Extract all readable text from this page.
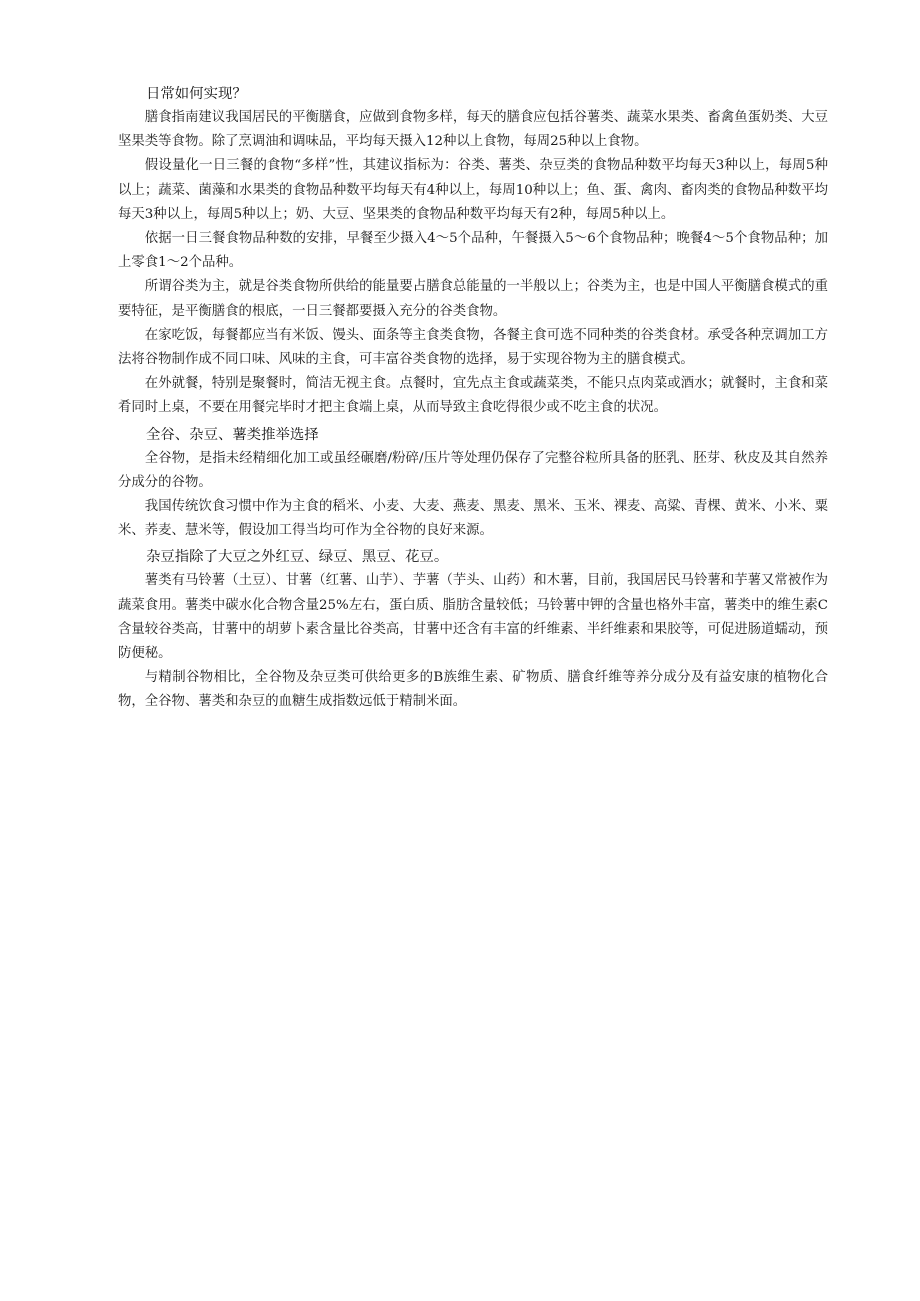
日常如何实现？

膳食指南建议我国居民的平衡膳食，应做到食物多样，每天的膳食应包括谷薯类、蔬菜水果类、畜禽鱼蛋奶类、大豆坚果类等食物。除了烹调油和调味品，平均每天摄入12种以上食物，每周25种以上食物。

假设量化一日三餐的食物“多样”性，其建议指标为：谷类、薯类、杂豆类的食物品种数平均每天3种以上，每周5种以上；蔬菜、菌藻和水果类的食物品种数平均每天有4种以上，每周10种以上；鱼、蛋、禽肉、畜肉类的食物品种数平均每天3种以上，每周5种以上；奶、大豆、坚果类的食物品种数平均每天有2种，每周5种以上。

依据一日三餐食物品种数的安排，早餐至少摄入4～5个品种，午餐摄入5～6个食物品种；晚餐4～5个食物品种；加上零食1～2个品种。

所谓谷类为主，就是谷类食物所供给的能量要占膳食总能量的一半般以上；谷类为主，也是中国人平衡膳食模式的重要特征，是平衡膳食的根底，一日三餐都要摄入充分的谷类食物。

在家吃饭，每餐都应当有米饭、馒头、面条等主食类食物，各餐主食可选不同种类的谷类食材。承受各种烹调加工方法将谷物制作成不同口味、风味的主食，可丰富谷类食物的选择，易于实现谷物为主的膳食模式。

在外就餐，特别是聚餐时，简洁无视主食。点餐时，宜先点主食或蔬菜类，不能只点肉菜或酒水；就餐时，主食和菜肴同时上桌，不要在用餐完毕时才把主食端上桌，从而导致主食吃得很少或不吃主食的状况。

全谷、杂豆、薯类推举选择

全谷物，是指未经精细化加工或虽经碾磨/粉碎/压片等处理仍保存了完整谷粒所具备的胚乳、胚芽、秋皮及其自然养分成分的谷物。

我国传统饮食习惯中作为主食的稻米、小麦、大麦、燕麦、黑麦、黑米、玉米、裸麦、高粱、青棵、黄米、小米、粟米、荞麦、慧米等，假设加工得当均可作为全谷物的良好来源。

杂豆指除了大豆之外红豆、绿豆、黑豆、花豆。

薯类有马铃薯（土豆）、甘薯（红薯、山芋）、芋薯（芋头、山药）和木薯，目前，我国居民马铃薯和芋薯又常被作为蔬菜食用。薯类中碳水化合物含量25%左右，蛋白质、脂肪含量较低；马铃薯中钾的含量也格外丰富，薯类中的维生素C含量较谷类高，甘薯中的胡萝卜素含量比谷类高，甘薯中还含有丰富的纤维素、半纤维素和果胶等，可促进肠道蠕动，预防便秘。

与精制谷物相比，全谷物及杂豆类可供给更多的B族维生素、矿物质、膳食纤维等养分成分及有益安康的植物化合物，全谷物、薯类和杂豆的血糖生成指数远低于精制米面。
